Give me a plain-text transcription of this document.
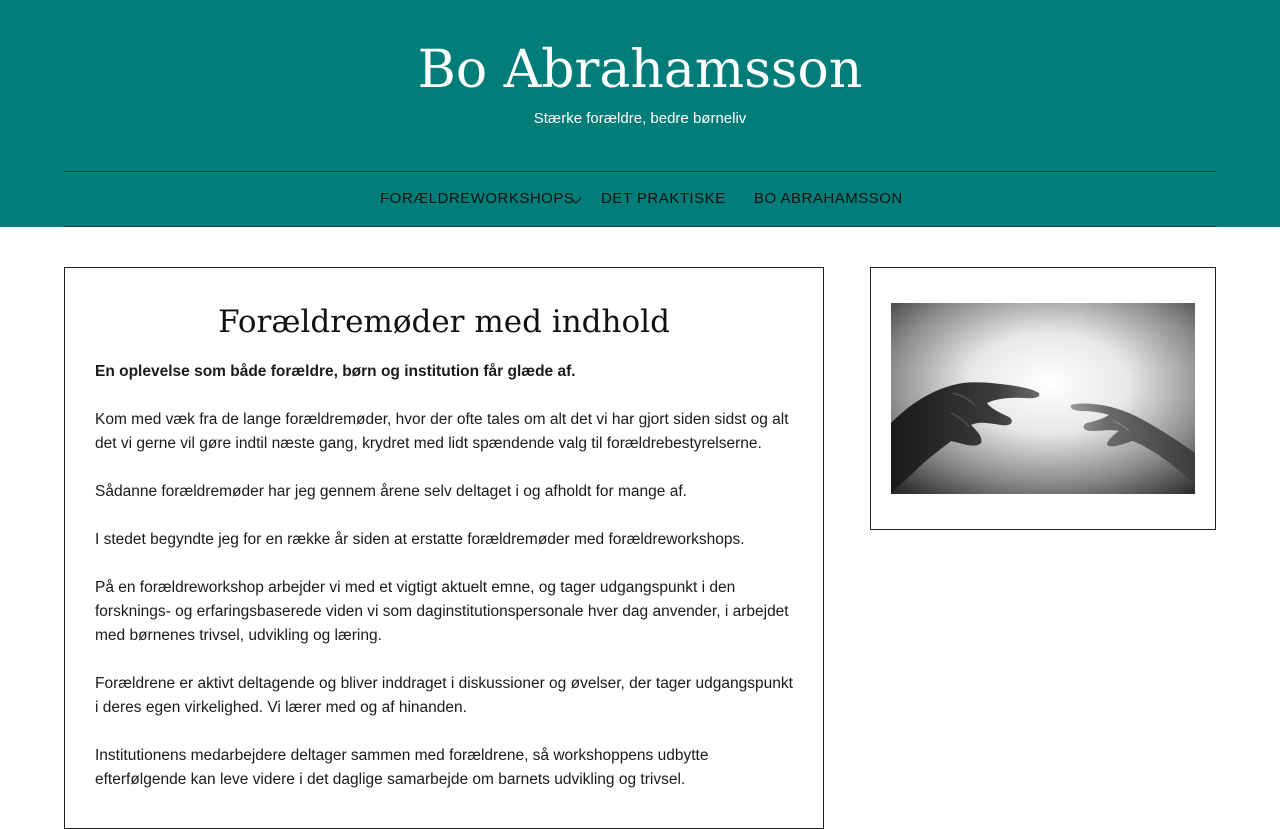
Bo Abrahamsson
Stærke forældre, bedre børneliv
FORÆLDREWORKSHOPS DET PRAKTISKE BO ABRAHAMSSON
Forældremøder med indhold

En oplevelse som både forældre, børn og institution får glæde af.

Kom med væk fra de lange forældremøder, hvor der ofte tales om alt det vi har gjort siden sidst og alt det vi gerne vil gøre indtil næste gang, krydret med lidt spændende valg til forældrebestyrelserne.

Sådanne forældremøder har jeg gennem årene selv deltaget i og afholdt for mange af.

I stedet begyndte jeg for en række år siden at erstatte forældremøder med forældreworkshops.

På en forældreworkshop arbejder vi med et vigtigt aktuelt emne, og tager udgangspunkt i den forsknings- og erfaringsbaserede viden vi som daginstitutionspersonale hver dag anvender, i arbejdet med børnenes trivsel, udvikling og læring.

Forældrene er aktivt deltagende og bliver inddraget i diskussioner og øvelser, der tager udgangspunkt i deres egen virkelighed. Vi lærer med og af hinanden.

Institutionens medarbejdere deltager sammen med forældrene, så workshoppens udbytte efterfølgende kan leve videre i det daglige samarbejde om barnets udvikling og trivsel.
